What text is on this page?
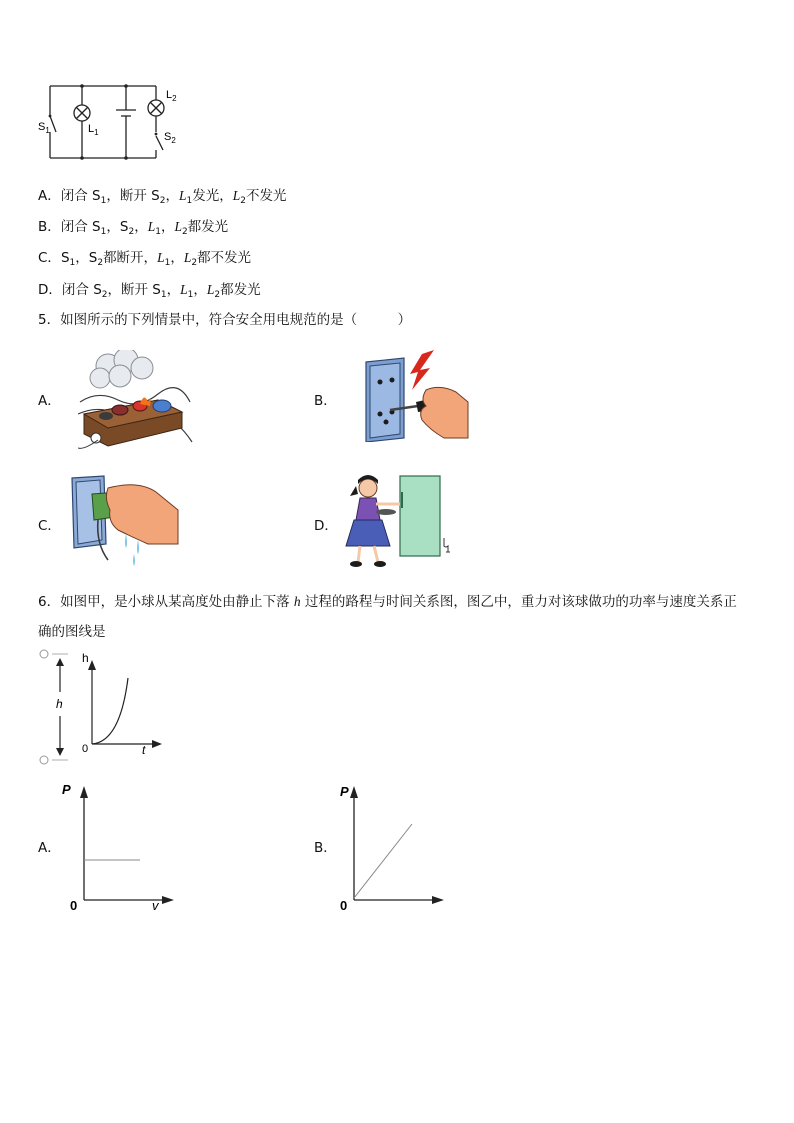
$S_1$	$L_1$
$L_2$
$S_2$
A．闭合 $S_1$，断开 $S_2$，$L_1$发光，$L_2$不发光
B．闭合 $S_1$，$S_2$，$L_1$，$L_2$都发光
C．$S_1$，$S_2$都断开，$L_1$，$L_2$都不发光
D．闭合 $S_2$，断开 $S_1$，$L_1$，$L_2$都发光
5．如图所示的下列情景中，符合安全用电规范的是（　　　）
A．	B．
C．	D．
6．如图甲，是小球从某高度处由静止下落 h 过程的路程与时间关系图，图乙中，重力对该球做功的功率与速度关系正
确的图线是
h
h
t
0
A．
P
v
0
B．
P
0
